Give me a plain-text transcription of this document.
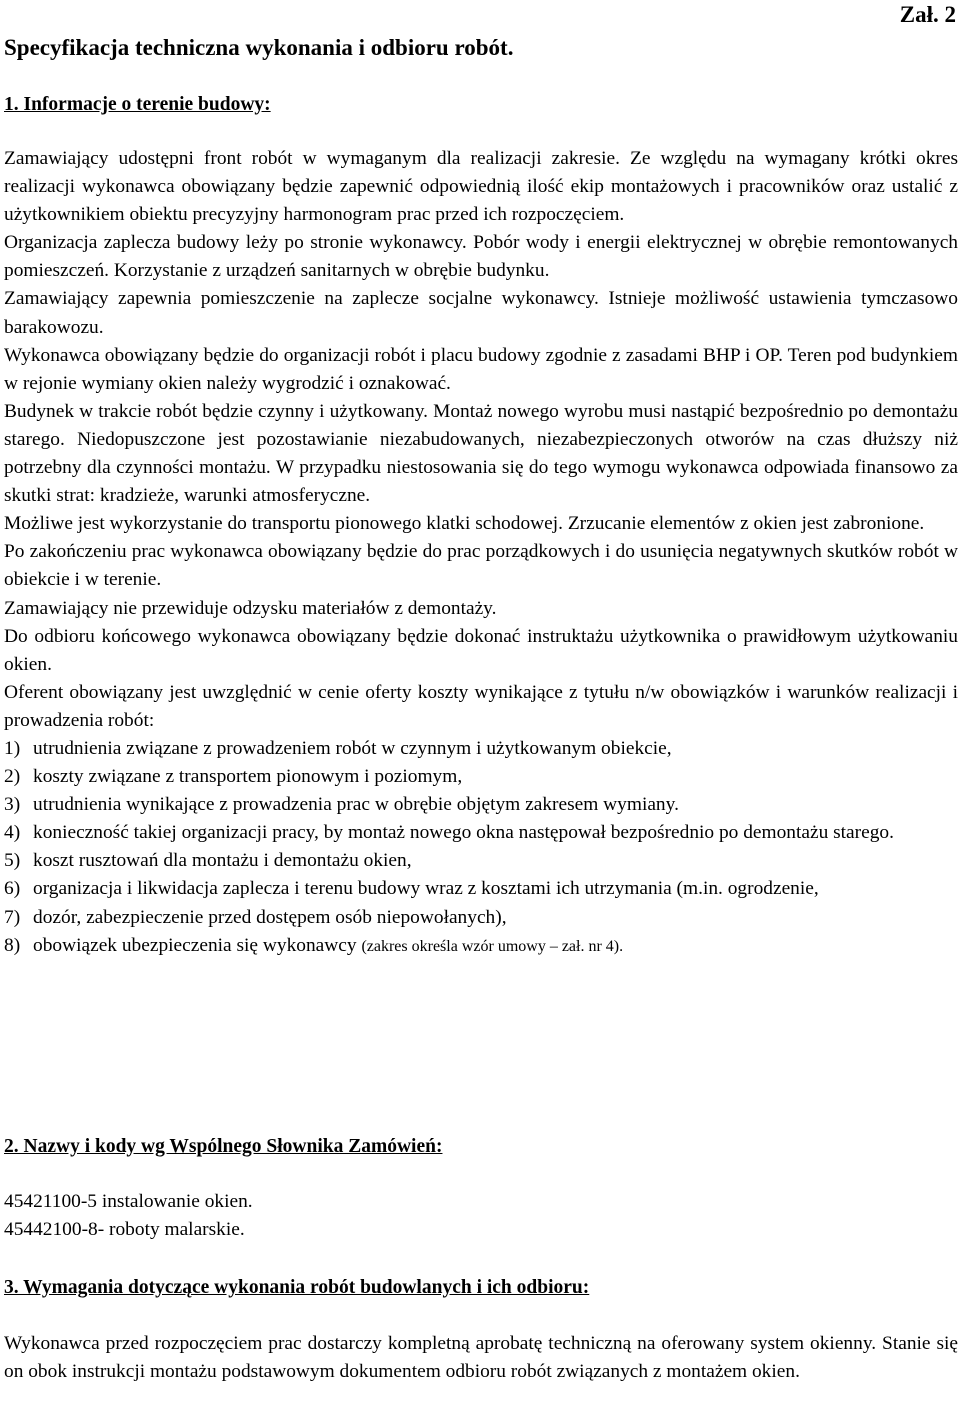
Zał. 2
Specyfikacja techniczna wykonania i odbioru robót.
1. Informacje o terenie budowy:

Zamawiający udostępni front robót w wymaganym dla realizacji zakresie. Ze względu na wymagany krótki okres realizacji wykonawca obowiązany będzie zapewnić odpowiednią ilość ekip montażowych i pracowników oraz ustalić z użytkownikiem obiektu precyzyjny harmonogram prac przed ich rozpoczęciem.

Organizacja zaplecza budowy leży po stronie wykonawcy. Pobór wody i energii elektrycznej w obrębie remontowanych pomieszczeń. Korzystanie z urządzeń sanitarnych w obrębie budynku.

Zamawiający zapewnia pomieszczenie na zaplecze socjalne wykonawcy. Istnieje możliwość ustawienia tymczasowo barakowozu.

Wykonawca obowiązany będzie do organizacji robót i placu budowy zgodnie z zasadami BHP i OP. Teren pod budynkiem w rejonie wymiany okien należy wygrodzić i oznakować.

Budynek w trakcie robót będzie czynny i użytkowany. Montaż nowego wyrobu musi nastąpić bezpośrednio po demontażu starego. Niedopuszczone jest pozostawianie niezabudowanych, niezabezpieczonych otworów na czas dłuższy niż potrzebny dla czynności montażu. W przypadku niestosowania się do tego wymogu wykonawca odpowiada finansowo za skutki strat: kradzieże, warunki atmosferyczne.

Możliwe jest wykorzystanie do transportu pionowego klatki schodowej. Zrzucanie elementów z okien jest zabronione.

Po zakończeniu prac wykonawca obowiązany będzie do prac porządkowych i do usunięcia negatywnych skutków robót w obiekcie i w terenie.

Zamawiający nie przewiduje odzysku materiałów z demontaży.

Do odbioru końcowego wykonawca obowiązany będzie dokonać instruktażu użytkownika o prawidłowym użytkowaniu okien.

Oferent obowiązany jest uwzględnić w cenie oferty koszty wynikające z tytułu n/w obowiązków i warunków realizacji i prowadzenia robót:

1) utrudnienia związane z prowadzeniem robót w czynnym i użytkowanym obiekcie,
2) koszty związane z transportem pionowym i poziomym,
3) utrudnienia wynikające z prowadzenia prac w obrębie objętym zakresem wymiany.
4) konieczność takiej organizacji pracy, by montaż nowego okna następował bezpośrednio po demontażu starego.
5) koszt rusztowań dla montażu i demontażu okien,
6) organizacja i likwidacja zaplecza i terenu budowy wraz z kosztami ich utrzymania (m.in. ogrodzenie,
7) dozór, zabezpieczenie przed dostępem osób niepowołanych),
8) obowiązek ubezpieczenia się wykonawcy (zakres określa wzór umowy – zał. nr 4).
2. Nazwy i kody wg Wspólnego Słownika Zamówień:

45421100-5 instalowanie okien.

45442100-8- roboty malarskie.

3. Wymagania dotyczące wykonania robót budowlanych i ich odbioru:

Wykonawca przed rozpoczęciem prac dostarczy kompletną aprobatę techniczną na oferowany system okienny. Stanie się on obok instrukcji montażu podstawowym dokumentem odbioru robót związanych z montażem okien.
